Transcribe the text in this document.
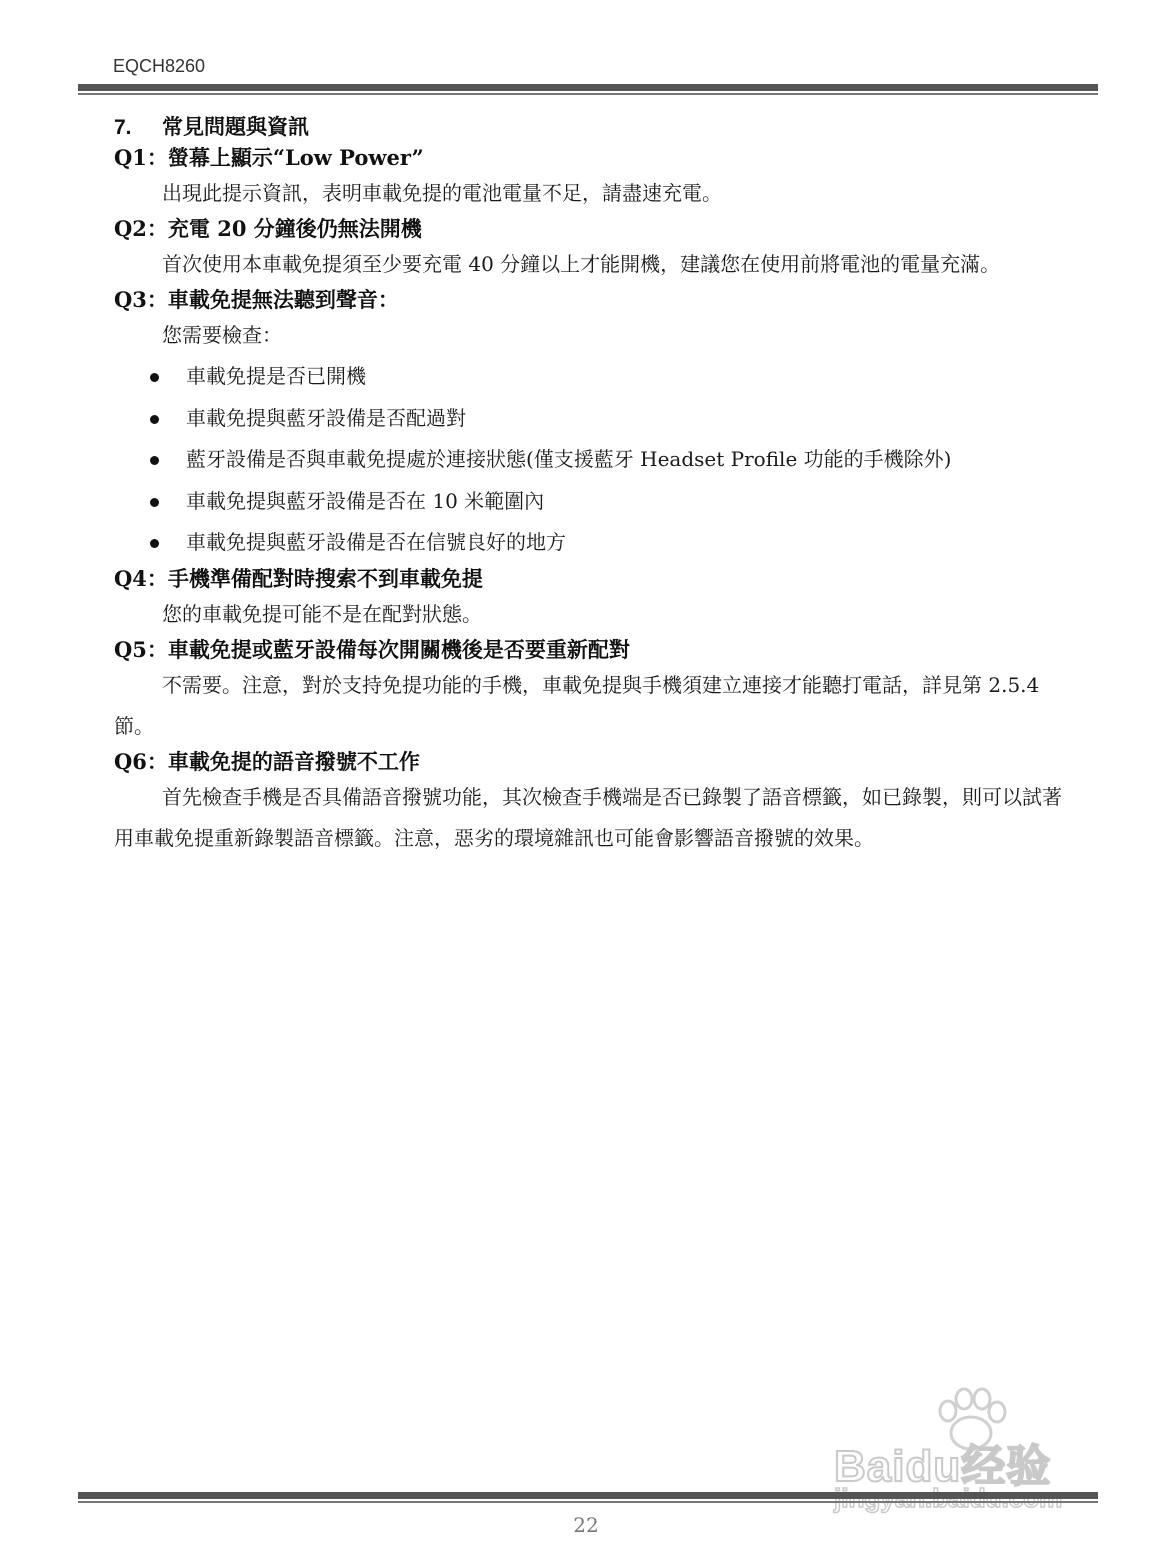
EQCH8260
7.	常見問題與資訊
Q1：螢幕上顯示“Low Power”
出現此提示資訊，表明車載免提的電池電量不足，請盡速充電。
Q2：充電 20 分鐘後仍無法開機
首次使用本車載免提須至少要充電 40 分鐘以上才能開機，建議您在使用前將電池的電量充滿。
Q3：車載免提無法聽到聲音：
您需要檢查：
車載免提是否已開機
車載免提與藍牙設備是否配過對
藍牙設備是否與車載免提處於連接狀態(僅支援藍牙 Headset Profile 功能的手機除外)
車載免提與藍牙設備是否在 10 米範圍內
車載免提與藍牙設備是否在信號良好的地方
Q4：手機準備配對時搜索不到車載免提
您的車載免提可能不是在配對狀態。
Q5：車載免提或藍牙設備每次開關機後是否要重新配對
不需要。注意，對於支持免提功能的手機，車載免提與手機須建立連接才能聽打電話，詳見第 2.5.4 節。
Q6：車載免提的語音撥號不工作
首先檢查手機是否具備語音撥號功能，其次檢查手機端是否已錄製了語音標籤，如已錄製，則可以試著用車載免提重新錄製語音標籤。注意，惡劣的環境雜訊也可能會影響語音撥號的效果。
Baidu经验
22
